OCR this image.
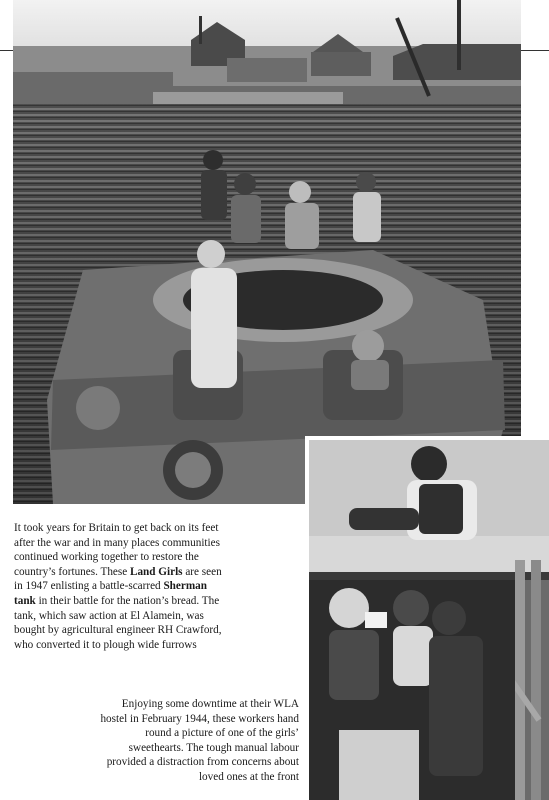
It took years for Britain to get back on its feet after the war and in many places communities continued working together to restore the country’s fortunes. These Land Girls are seen in 1947 enlisting a battle-scarred Sherman tank in their battle for the nation’s bread. The tank, which saw action at El Alamein, was bought by agricultural engineer RH Crawford, who converted it to plough wide furrows
Enjoying some downtime at their WLA hostel in February 1944, these workers hand round a picture of one of the girls’ sweethearts. The tough manual labour provided a distraction from concerns about loved ones at the front
